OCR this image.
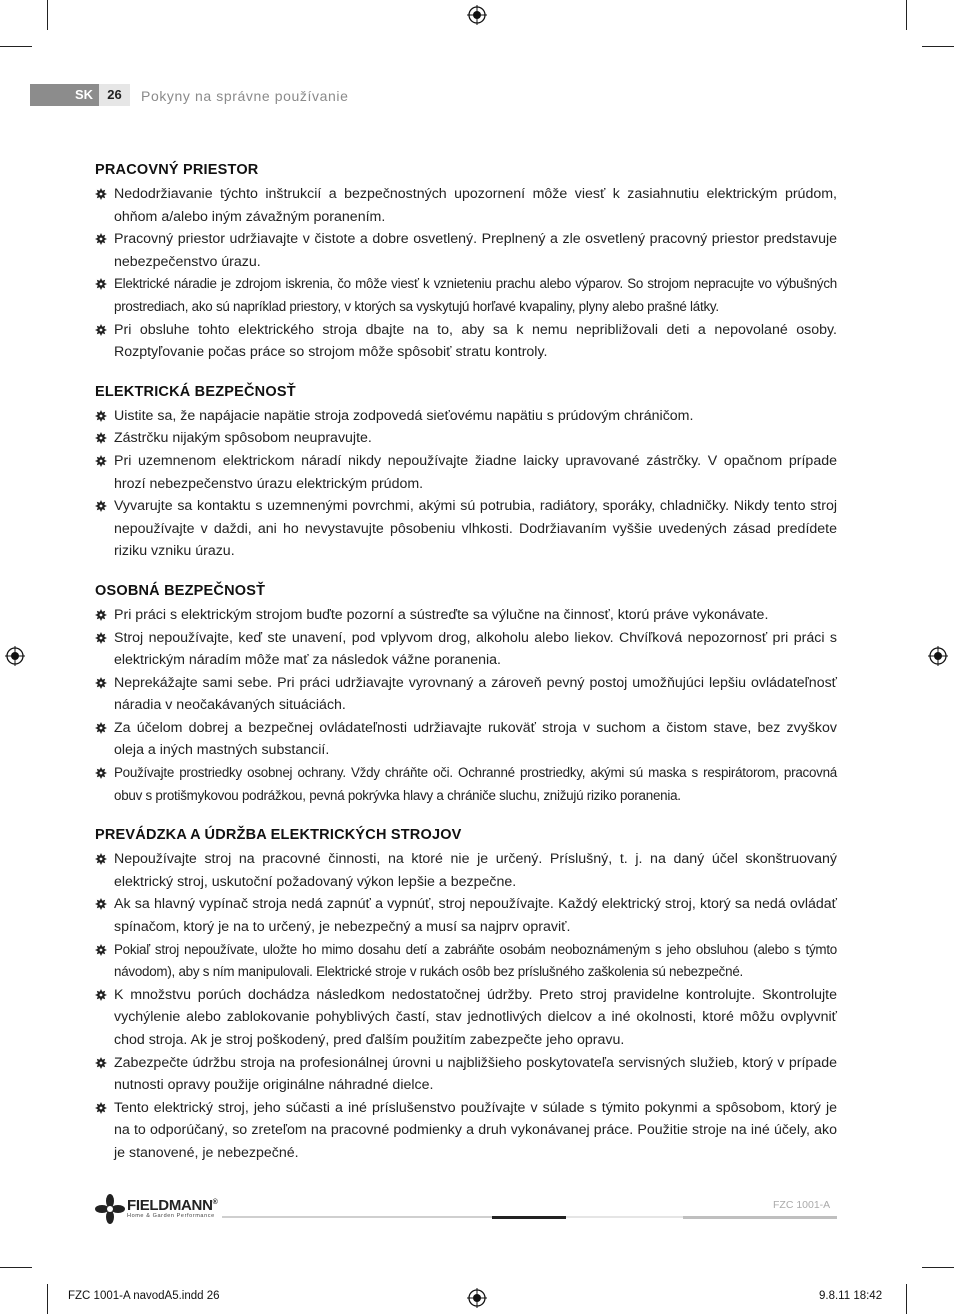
SK	26	Pokyny na správne používanie
PRACOVNÝ PRIESTOR
Nedodržiavanie týchto inštrukcií a bezpečnostných upozornení môže viesť k zasiahnutiu elektrickým prúdom, ohňom a/alebo iným závažným poranením.
Pracovný priestor udržiavajte v čistote a dobre osvetlený. Preplnený a zle osvetlený pracovný priestor predstavuje nebezpečenstvo úrazu.
Elektrické náradie je zdrojom iskrenia, čo môže viesť k vznieteniu prachu alebo výparov. So strojom nepracujte vo výbušných prostrediach, ako sú napríklad priestory, v ktorých sa vyskytujú horľavé kvapaliny, plyny alebo prašné látky.
Pri obsluhe tohto elektrického stroja dbajte na to, aby sa k nemu nepribližovali deti a nepovolané osoby. Rozptyľovanie počas práce so strojom môže spôsobiť stratu kontroly.
ELEKTRICKÁ BEZPEČNOSŤ
Uistite sa, že napájacie napätie stroja zodpovedá sieťovému napätiu s prúdovým chráničom.
Zástrčku nijakým spôsobom neupravujte.
Pri uzemnenom elektrickom náradí nikdy nepoužívajte žiadne laicky upravované zástrčky. V opačnom prípade hrozí nebezpečenstvo úrazu elektrickým prúdom.
Vyvarujte sa kontaktu s uzemnenými povrchmi, akými sú potrubia, radiátory, sporáky, chladničky. Nikdy tento stroj nepoužívajte v daždi, ani ho nevystavujte pôsobeniu vlhkosti. Dodržiavaním vyššie uvedených zásad predídete riziku vzniku úrazu.
OSOBNÁ BEZPEČNOSŤ
Pri práci s elektrickým strojom buďte pozorní a sústreďte sa výlučne na činnosť, ktorú práve vykonávate.
Stroj nepoužívajte, keď ste unavení, pod vplyvom drog, alkoholu alebo liekov. Chvíľková nepozornosť pri práci s elektrickým náradím môže mať za následok vážne poranenia.
Neprekážajte sami sebe. Pri práci udržiavajte vyrovnaný a zároveň pevný postoj umožňujúci lepšiu ovládateľnosť náradia v neočakávaných situáciách.
Za účelom dobrej a bezpečnej ovládateľnosti udržiavajte rukoväť stroja v suchom a čistom stave, bez zvyškov oleja a iných mastných substancií.
Používajte prostriedky osobnej ochrany. Vždy chráňte oči. Ochranné prostriedky, akými sú maska s respirátorom, pracovná obuv s protišmykovou podrážkou, pevná pokrývka hlavy a chrániče sluchu, znižujú riziko poranenia.
PREVÁDZKA A ÚDRŽBA ELEKTRICKÝCH STROJOV
Nepoužívajte stroj na pracovné činnosti, na ktoré nie je určený. Príslušný, t. j. na daný účel skonštruovaný elektrický stroj, uskutoční požadovaný výkon lepšie a bezpečne.
Ak sa hlavný vypínač stroja nedá zapnúť a vypnúť, stroj nepoužívajte. Každý elektrický stroj, ktorý sa nedá ovládať spínačom, ktorý je na to určený, je nebezpečný a musí sa najprv opraviť.
Pokiaľ stroj nepoužívate, uložte ho mimo dosahu detí a zabráňte osobám neoboznámeným s jeho obsluhou (alebo s týmto návodom), aby s ním manipulovali. Elektrické stroje v rukách osôb bez príslušného zaškolenia sú nebezpečné.
K množstvu porúch dochádza následkom nedostatočnej údržby. Preto stroj pravidelne kontrolujte. Skontrolujte vychýlenie alebo zablokovanie pohyblivých častí, stav jednotlivých dielcov a iné okolnosti, ktoré môžu ovplyvniť chod stroja. Ak je stroj poškodený, pred ďalším použitím zabezpečte jeho opravu.
Zabezpečte údržbu stroja na profesionálnej úrovni u najbližšieho poskytovateľa servisných služieb, ktorý v prípade nutnosti opravy použije originálne náhradné dielce.
Tento elektrický stroj, jeho súčasti a iné príslušenstvo používajte v súlade s týmito pokynmi a spôsobom, ktorý je na to odporúčaný, so zreteľom na pracovné podmienky a druh vykonávanej práce. Použitie stroje na iné účely, ako je stanovené, je nebezpečné.
FIELDMANN®
Home & Garden Performance
FZC 1001-A
FZC 1001-A navodA5.indd 26	9.8.11 18:42
